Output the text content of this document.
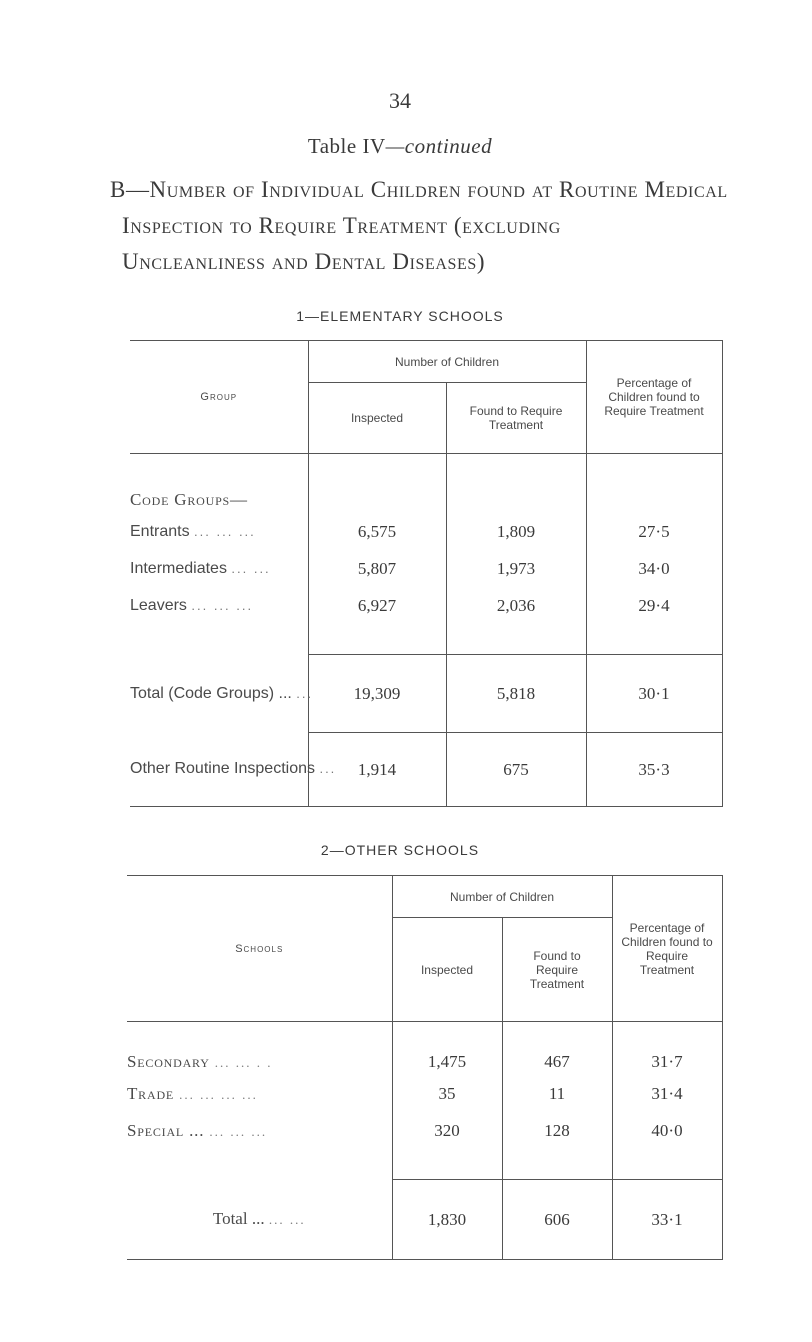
34
Table IV—continued
B—Number of Individual Children found at Routine Medical
Inspection to Require Treatment (excluding
Uncleanliness and Dental Diseases)
1—ELEMENTARY SCHOOLS
Group	Number of Children		Percentage of Children found to Require Treatment
	Inspected	Found to Require Treatment	
Code Groups—			
Entrants ... ... ...	6,575	1,809	27·5
Intermediates ... ...	5,807	1,973	34·0
Leavers ... ... ...	6,927	2,036	29·4

Total (Code Groups) ... ...	19,309	5,818	30·1
Other Routine Inspections ...	1,914	675	35·3
2—OTHER SCHOOLS
Schools	Number of Children		Percentage of Children found to Require Treatment
	Inspected	Found to Require Treatment	
Secondary ... ... . .	1,475	467	31·7
Trade ... ... ... ...	35	11	31·4
Special ... ... ... ...	320	128	40·0

Total ... ... ...	1,830	606	33·1
